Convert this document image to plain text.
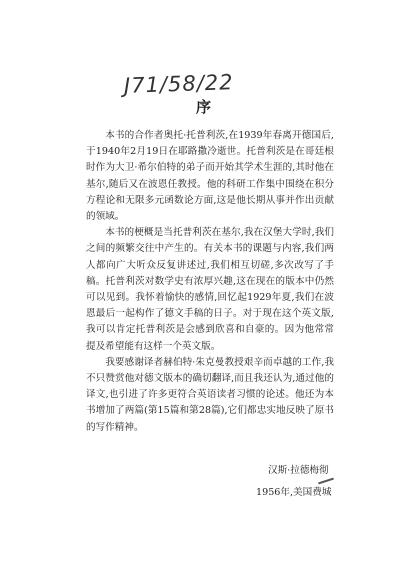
J71/58/22
序

本书的合作者奥托·托普利茨,在1939年春离开德国后,于1940年2月19日在耶路撒冷逝世。托普利茨是在哥廷根时作为大卫·希尔伯特的弟子而开始其学术生涯的,其时他在基尔,随后又在波恩任教授。他的科研工作集中围绕在积分方程论和无限多元函数论方面,这是他长期从事并作出贡献的领域。

本书的梗概是当托普利茨在基尔,我在汉堡大学时,我们之间的频繁交往中产生的。有关本书的课题与内容,我们两人都向广大听众反复讲述过,我们相互切磋,多次改写了手稿。托普利茨对数学史有浓厚兴趣,这在现在的版本中仍然可以见到。我怀着愉快的感情,回忆起1929年夏,我们在波恩最后一起构作了德文手稿的日子。对于现在这个英文版,我可以肯定托普利茨是会感到欣喜和自豪的。因为他常常提及希望能有这样一个英文版。

我要感谢译者赫伯特·朱克曼教授艰辛而卓越的工作,我不只赞赏他对德文版本的确切翻译,而且我还认为,通过他的译文,也引进了许多更符合英语读者习惯的论述。他还为本书增加了两篇(第15篇和第28篇),它们都忠实地反映了原书的写作精神。

汉斯·拉德梅彻
1956年,美国费城
